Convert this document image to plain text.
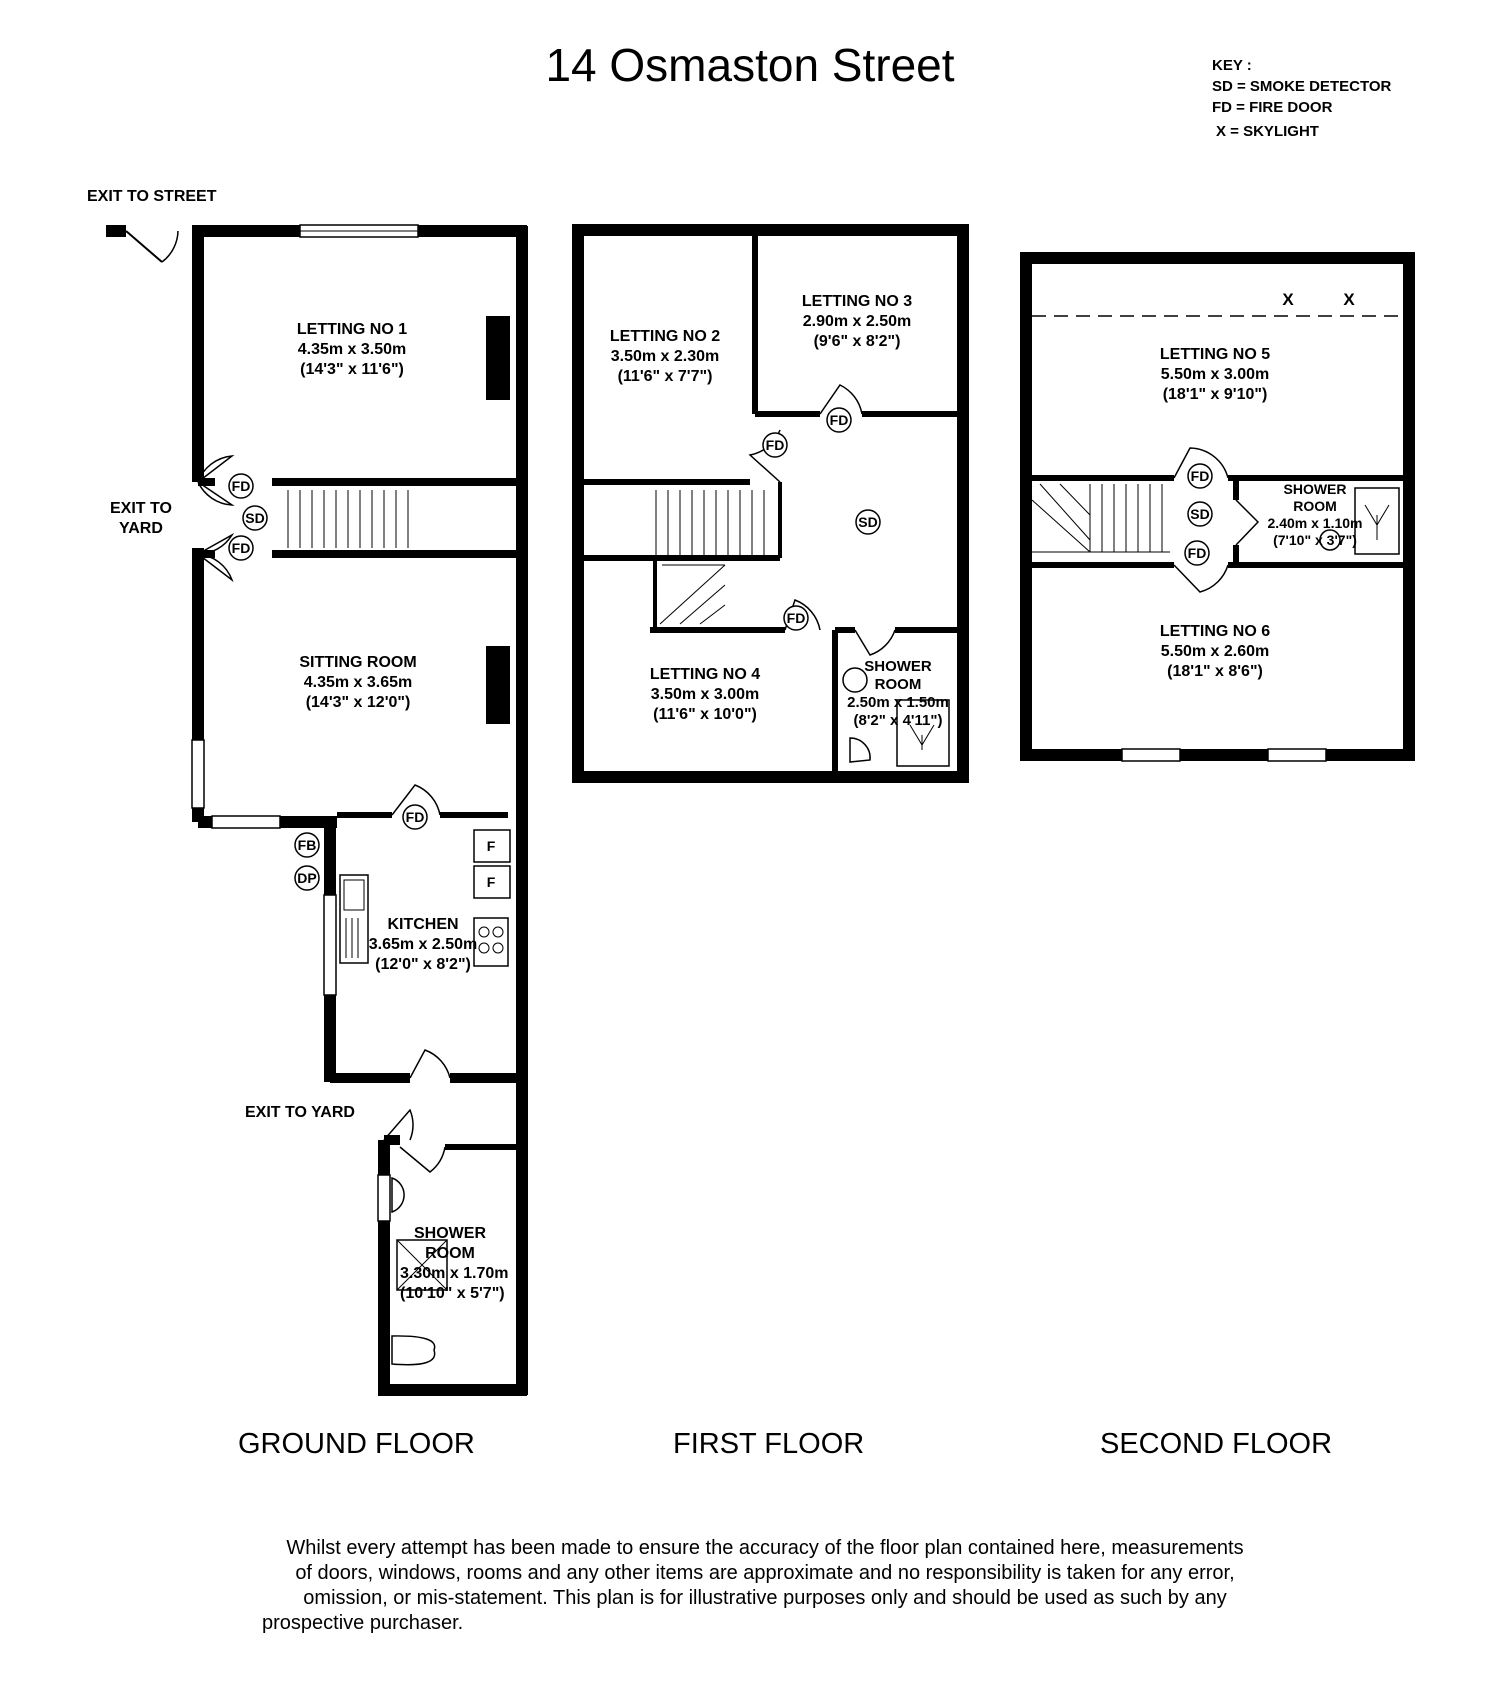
14 Osmaston Street	KEY :
SD = SMOKE DETECTOR
FD = FIRE DOOR
X = SKYLIGHT
FD
SD
FD
FD
FB
DP
F
F
FD
FD
SD
FD
FD
SD
FD
X	X
EXIT TO STREET
EXIT TO
YARD
EXIT TO YARD
LETTING NO 1
4.35m x 3.50m
(14'3" x 11'6")
SITTING ROOM
4.35m x 3.65m
(14'3" x 12'0")
KITCHEN
3.65m x 2.50m
(12'0" x 8'2")
SHOWER
ROOM
3.30m x 1.70m
(10'10" x 5'7")
LETTING NO 2
3.50m x 2.30m
(11'6" x 7'7")
LETTING NO 3
2.90m x 2.50m
(9'6" x 8'2")
LETTING NO 4
3.50m x 3.00m
(11'6" x 10'0")
SHOWER
ROOM
2.50m x 1.50m
(8'2" x 4'11")
LETTING NO 5
5.50m x 3.00m
(18'1" x 9'10")
LETTING NO 6
5.50m x 2.60m
(18'1" x 8'6")
SHOWER
ROOM
2.40m x 1.10m
(7'10" x 3'7")
GROUND FLOOR	FIRST FLOOR	SECOND FLOOR
Whilst every attempt has been made to ensure the accuracy of the floor plan contained here, measurements
of doors, windows, rooms and any other items are approximate and no responsibility is taken for any error,
omission, or mis-statement. This plan is for illustrative purposes only and should be used as such by any
prospective purchaser.
